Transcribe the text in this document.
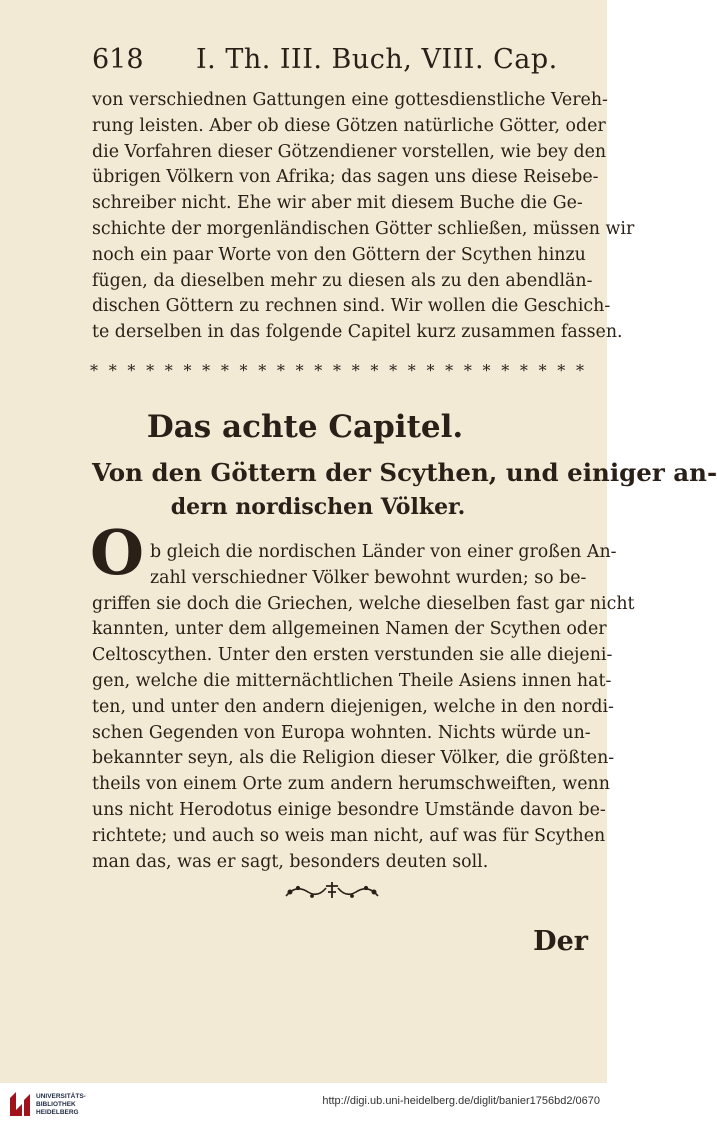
618 I. Th. III. Buch, VIII. Cap.
von verschiednen Gattungen eine gottesdienstliche Vereh-
rung leisten. Aber ob diese Götzen natürliche Götter, oder
die Vorfahren dieser Götzendiener vorstellen, wie bey den
übrigen Völkern von Afrika; das sagen uns diese Reisebe-
schreiber nicht. Ehe wir aber mit diesem Buche die Ge-
schichte der morgenländischen Götter schließen, müssen wir
noch ein paar Worte von den Göttern der Scythen hinzu
fügen, da dieselben mehr zu diesen als zu den abendlän-
dischen Göttern zu rechnen sind. Wir wollen die Geschich-
te derselben in das folgende Capitel kurz zusammen fassen.
* * * * * * * * * * * * * * * * * * * * * * * * * * *
Das achte Capitel.
Von den Göttern der Scythen, und einiger an-
dern nordischen Völker.
O b gleich die nordischen Länder von einer großen An-
zahl verschiedner Völker bewohnt wurden; so be-
griffen sie doch die Griechen, welche dieselben fast gar nicht
kannten, unter dem allgemeinen Namen der Scythen oder
Celtoscythen. Unter den ersten verstunden sie alle diejeni-
gen, welche die mitternächtlichen Theile Asiens innen hat-
ten, und unter den andern diejenigen, welche in den nordi-
schen Gegenden von Europa wohnten. Nichts würde un-
bekannter seyn, als die Religion dieser Völker, die größten-
theils von einem Orte zum andern herumschweiften, wenn
uns nicht Herodotus einige besondre Umstände davon be-
richtete; und auch so weis man nicht, auf was für Scythen
man das, was er sagt, besonders deuten soll.
Der
UNIVERSITÄTS-
BIBLIOTHEK
HEIDELBERG
http://digi.ub.uni-heidelberg.de/diglit/banier1756bd2/0670
